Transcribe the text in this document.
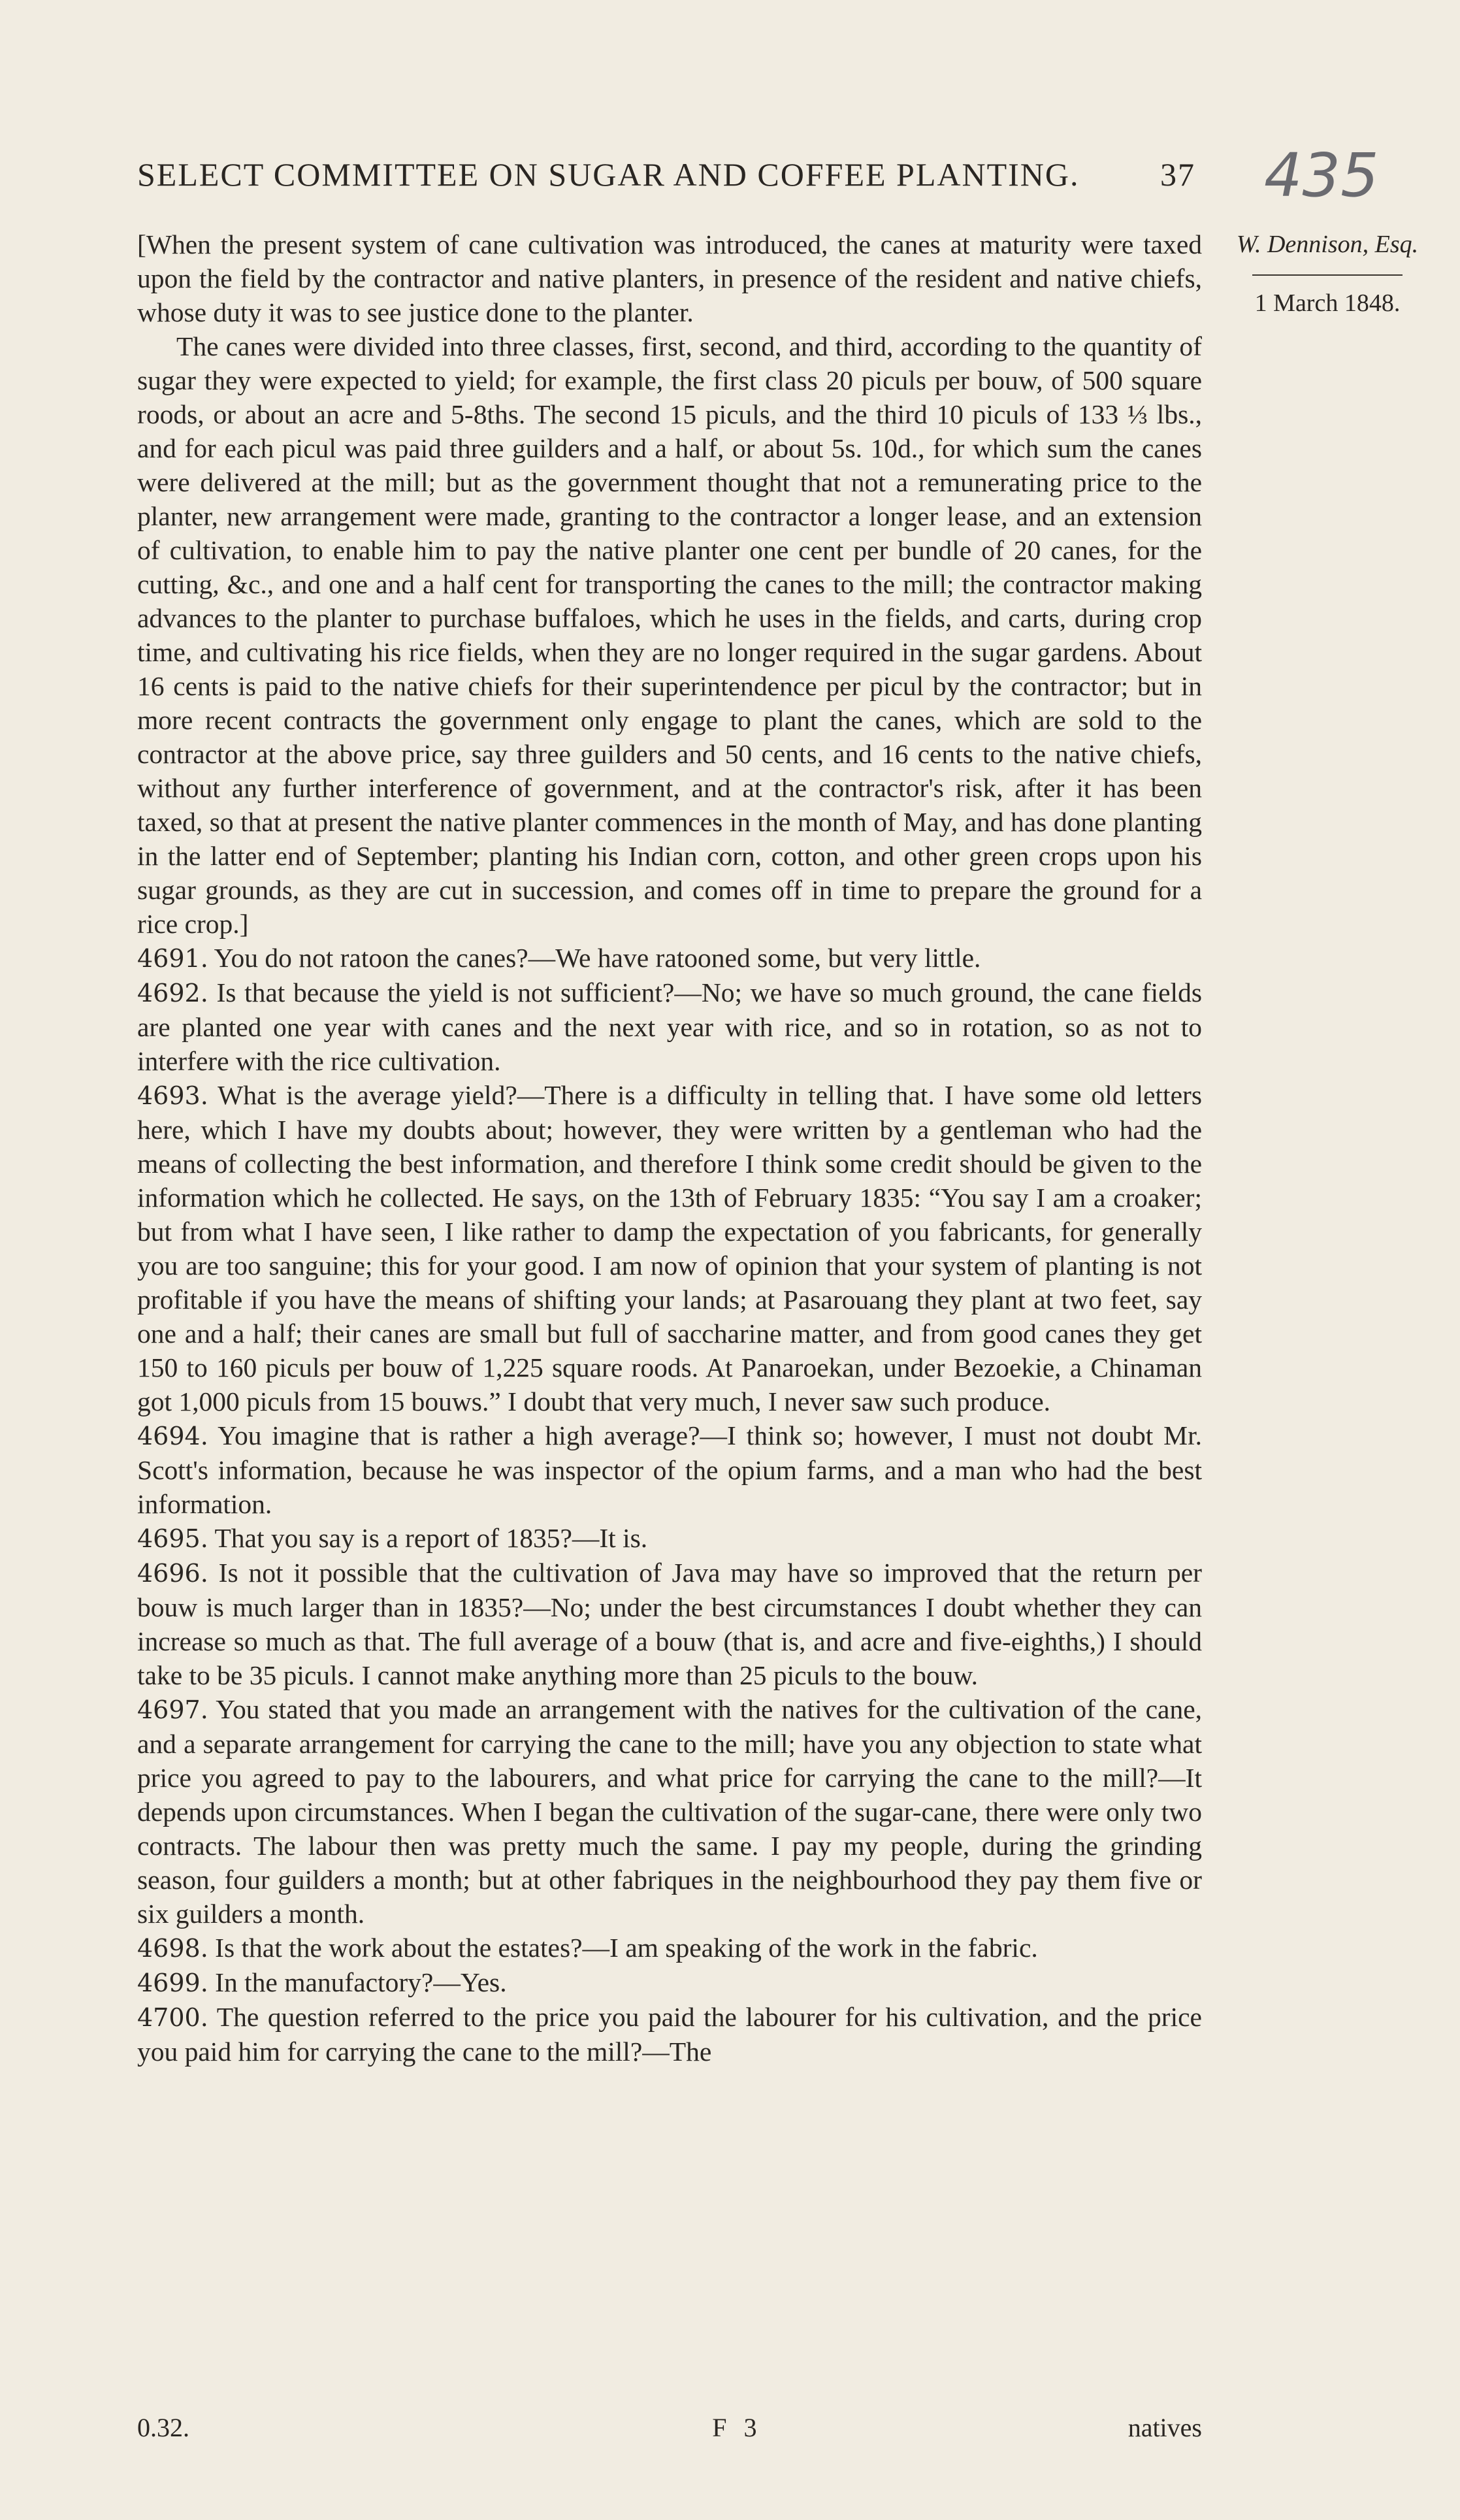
SELECT COMMITTEE ON SUGAR AND COFFEE PLANTING. 37 435
W. Dennison, Esq.
1 March 1848.

[When the present system of cane cultivation was introduced, the canes at maturity were taxed upon the field by the contractor and native planters, in presence of the resident and native chiefs, whose duty it was to see justice done to the planter.

The canes were divided into three classes, first, second, and third, according to the quantity of sugar they were expected to yield; for example, the first class 20 piculs per bouw, of 500 square roods, or about an acre and 5-8ths. The second 15 piculs, and the third 10 piculs of 133 ⅓ lbs., and for each picul was paid three guilders and a half, or about 5s. 10d., for which sum the canes were delivered at the mill; but as the government thought that not a remunerating price to the planter, new arrangement were made, granting to the contractor a longer lease, and an extension of cultivation, to enable him to pay the native planter one cent per bundle of 20 canes, for the cutting, &c., and one and a half cent for transporting the canes to the mill; the contractor making advances to the planter to purchase buffaloes, which he uses in the fields, and carts, during crop time, and cultivating his rice fields, when they are no longer required in the sugar gardens. About 16 cents is paid to the native chiefs for their superintendence per picul by the contractor; but in more recent contracts the government only engage to plant the canes, which are sold to the contractor at the above price, say three guilders and 50 cents, and 16 cents to the native chiefs, without any further interference of government, and at the contractor's risk, after it has been taxed, so that at present the native planter commences in the month of May, and has done planting in the latter end of September; planting his Indian corn, cotton, and other green crops upon his sugar grounds, as they are cut in succession, and comes off in time to prepare the ground for a rice crop.]

4691. You do not ratoon the canes?—We have ratooned some, but very little.

4692. Is that because the yield is not sufficient?—No; we have so much ground, the cane fields are planted one year with canes and the next year with rice, and so in rotation, so as not to interfere with the rice cultivation.

4693. What is the average yield?—There is a difficulty in telling that. I have some old letters here, which I have my doubts about; however, they were written by a gentleman who had the means of collecting the best information, and therefore I think some credit should be given to the information which he collected. He says, on the 13th of February 1835: “You say I am a croaker; but from what I have seen, I like rather to damp the expectation of you fabricants, for generally you are too sanguine; this for your good. I am now of opinion that your system of planting is not profitable if you have the means of shifting your lands; at Pasarouang they plant at two feet, say one and a half; their canes are small but full of saccharine matter, and from good canes they get 150 to 160 piculs per bouw of 1,225 square roods. At Panaroekan, under Bezoekie, a Chinaman got 1,000 piculs from 15 bouws.” I doubt that very much, I never saw such produce.

4694. You imagine that is rather a high average?—I think so; however, I must not doubt Mr. Scott's information, because he was inspector of the opium farms, and a man who had the best information.

4695. That you say is a report of 1835?—It is.

4696. Is not it possible that the cultivation of Java may have so improved that the return per bouw is much larger than in 1835?—No; under the best circumstances I doubt whether they can increase so much as that. The full average of a bouw (that is, and acre and five-eighths,) I should take to be 35 piculs. I cannot make anything more than 25 piculs to the bouw.

4697. You stated that you made an arrangement with the natives for the cultivation of the cane, and a separate arrangement for carrying the cane to the mill; have you any objection to state what price you agreed to pay to the labourers, and what price for carrying the cane to the mill?—It depends upon circumstances. When I began the cultivation of the sugar-cane, there were only two contracts. The labour then was pretty much the same. I pay my people, during the grinding season, four guilders a month; but at other fabriques in the neighbourhood they pay them five or six guilders a month.

4698. Is that the work about the estates?—I am speaking of the work in the fabric.

4699. In the manufactory?—Yes.

4700. The question referred to the price you paid the labourer for his cultivation, and the price you paid him for carrying the cane to the mill?—The

0.32.	F 3	natives
